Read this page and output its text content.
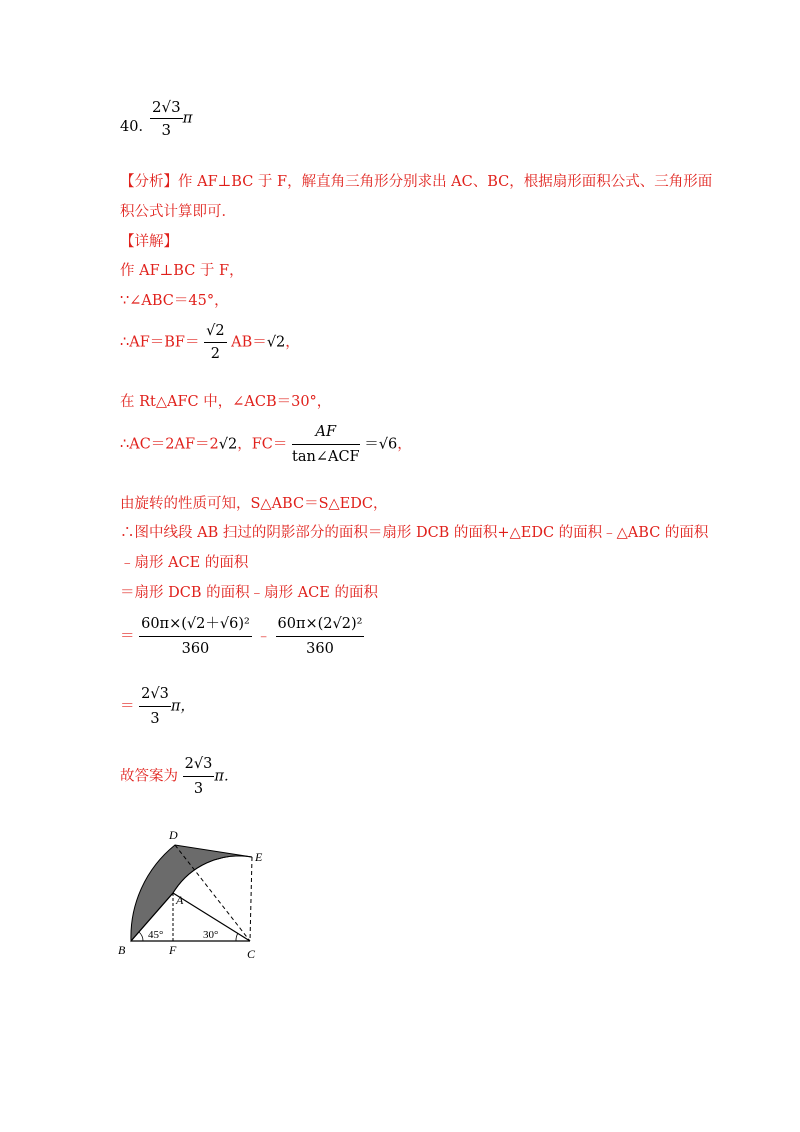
40．
$\frac{2√3}{3}$ π
【分析】作 AF⊥BC 于 F，解直角三角形分别求出 AC、BC，根据扇形面积公式、三角形面
积公式计算即可．
【详解】
作 AF⊥BC 于 F，
∵∠ABC＝45°，
∴AF＝BF＝ $\frac{√2}{2} AB=√2$，
在 Rt△AFC 中，∠ACB＝30°，
∴AC＝2AF＝2√2，$FC= \frac{AF}{\text{tan∠ACF}} =√6$，
由旋转的性质可知，S△ABC＝S△EDC，
∴图中线段 AB 扫过的阴影部分的面积＝扇形 DCB 的面积+△EDC 的面积﹣△ABC 的面积
﹣扇形 ACE 的面积
＝扇形 DCB 的面积﹣扇形 ACE 的面积
＝ $\frac{\text{60π×(√2＋√6)²}}{360}$ ﹣ $\frac{\text{60π×(2√2)²}}{360}$
＝ $\frac{2√3}{3}$ π，
故答案为 $\frac{2√3}{3}$ π．
B	F	C
A
D
E
45°	30°
